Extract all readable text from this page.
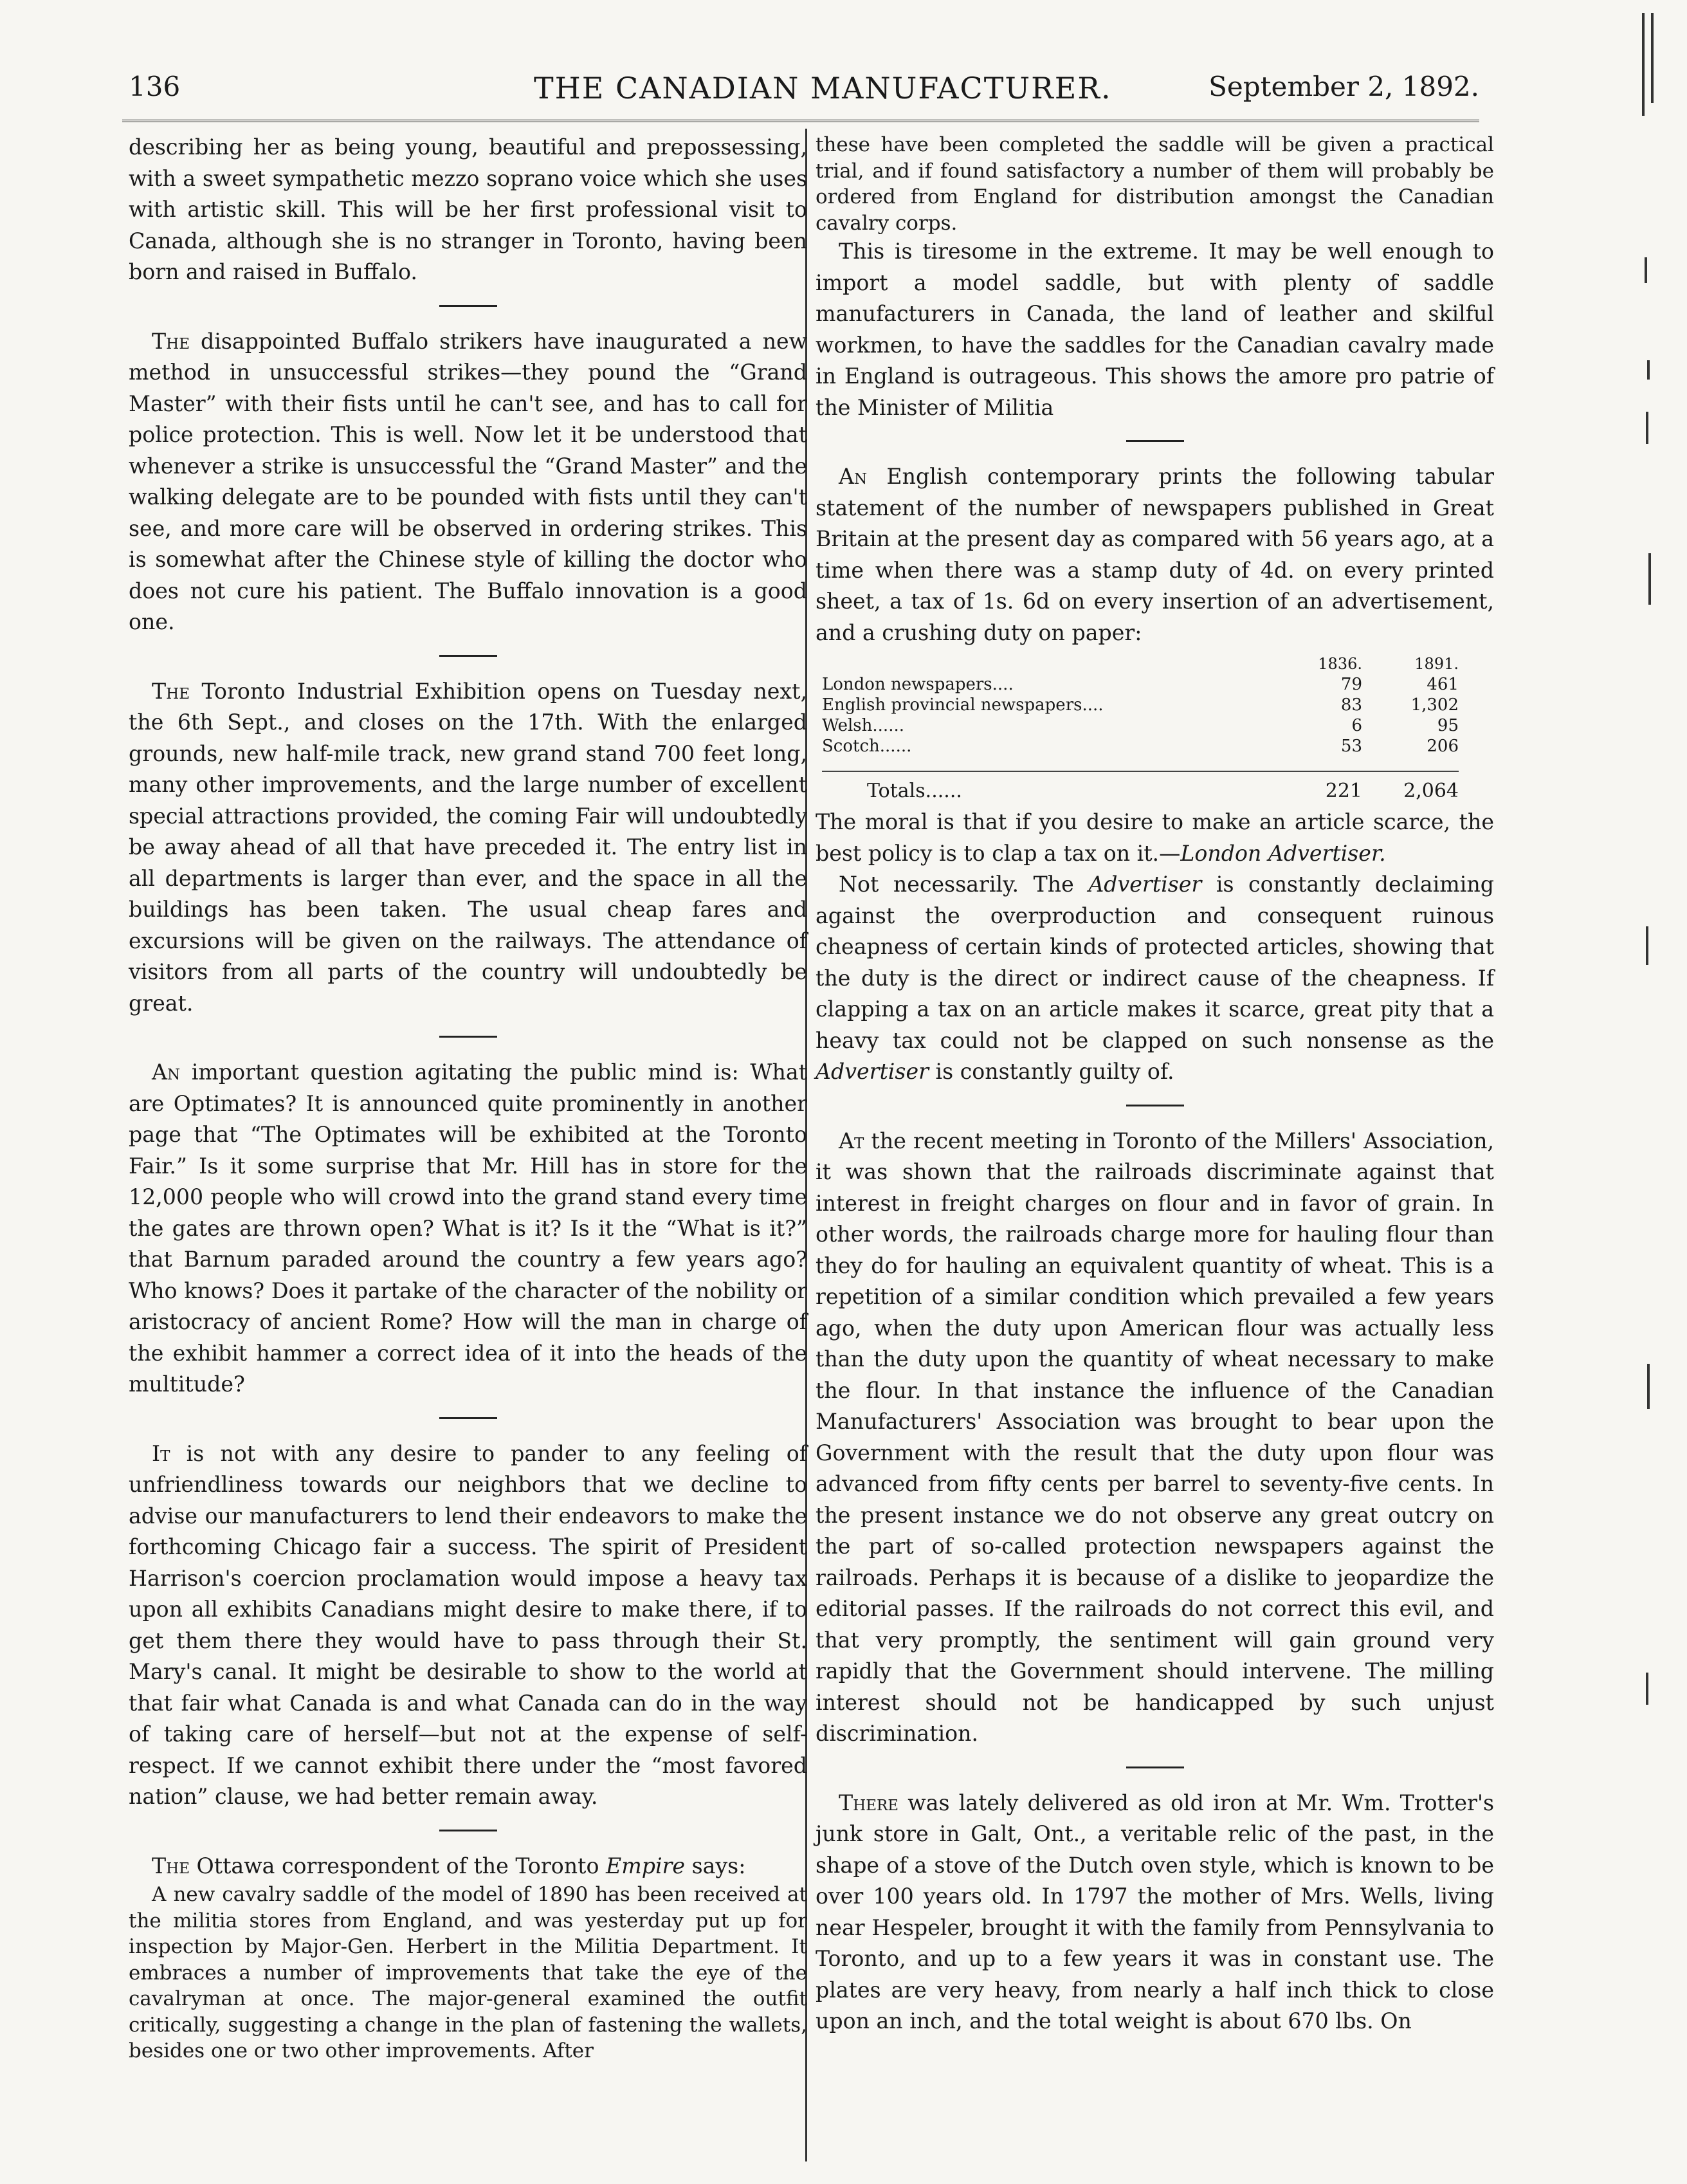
136	THE CANADIAN MANUFACTURER.	September 2, 1892.

describing her as being young, beautiful and prepossessing, with a sweet sympathetic mezzo soprano voice which she uses with artistic skill. This will be her first professional visit to Canada, although she is no stranger in Toronto, having been born and raised in Buffalo.

The disappointed Buffalo strikers have inaugurated a new method in unsuccessful strikes—they pound the “Grand Master” with their fists until he can't see, and has to call for police protection. This is well. Now let it be understood that whenever a strike is unsuccessful the “Grand Master” and the walking delegate are to be pounded with fists until they can't see, and more care will be observed in ordering strikes. This is somewhat after the Chinese style of killing the doctor who does not cure his patient. The Buffalo innovation is a good one.

The Toronto Industrial Exhibition opens on Tuesday next, the 6th Sept., and closes on the 17th. With the enlarged grounds, new half-mile track, new grand stand 700 feet long, many other improvements, and the large number of excellent special attractions provided, the coming Fair will undoubtedly be away ahead of all that have preceded it. The entry list in all departments is larger than ever, and the space in all the buildings has been taken. The usual cheap fares and excursions will be given on the railways. The attendance of visitors from all parts of the country will undoubtedly be great.

An important question agitating the public mind is: What are Optimates? It is announced quite prominently in another page that “The Optimates will be exhibited at the Toronto Fair.” Is it some surprise that Mr. Hill has in store for the 12,000 people who will crowd into the grand stand every time the gates are thrown open? What is it? Is it the “What is it?” that Barnum paraded around the country a few years ago? Who knows? Does it partake of the character of the nobility or aristocracy of ancient Rome? How will the man in charge of the exhibit hammer a correct idea of it into the heads of the multitude?

It is not with any desire to pander to any feeling of unfriendliness towards our neighbors that we decline to advise our manufacturers to lend their endeavors to make the forthcoming Chicago fair a success. The spirit of President Harrison's coercion proclamation would impose a heavy tax upon all exhibits Canadians might desire to make there, if to get them there they would have to pass through their St. Mary's canal. It might be desirable to show to the world at that fair what Canada is and what Canada can do in the way of taking care of herself—but not at the expense of self-respect. If we cannot exhibit there under the “most favored nation” clause, we had better remain away.

The Ottawa correspondent of the Toronto Empire says:

A new cavalry saddle of the model of 1890 has been received at the militia stores from England, and was yesterday put up for inspection by Major-Gen. Herbert in the Militia Department. It embraces a number of improvements that take the eye of the cavalryman at once. The major-general examined the outfit critically, suggesting a change in the plan of fastening the wallets, besides one or two other improvements. After

these have been completed the saddle will be given a practical trial, and if found satisfactory a number of them will probably be ordered from England for distribution amongst the Canadian cavalry corps.

This is tiresome in the extreme. It may be well enough to import a model saddle, but with plenty of saddle manufacturers in Canada, the land of leather and skilful workmen, to have the saddles for the Canadian cavalry made in England is outrageous. This shows the amore pro patrie of the Minister of Militia

An English contemporary prints the following tabular statement of the number of newspapers published in Great Britain at the present day as compared with 56 years ago, at a time when there was a stamp duty of 4d. on every printed sheet, a tax of 1s. 6d on every insertion of an advertisement, and a crushing duty on paper:

1836.	1891.
London newspapers....	79	461
English provincial newspapers....	83	1,302
Welsh......	6	95
Scotch......	53	206
Totals......	221	2,064

The moral is that if you desire to make an article scarce, the best policy is to clap a tax on it.—London Advertiser.

Not necessarily. The Advertiser is constantly declaiming against the overproduction and consequent ruinous cheapness of certain kinds of protected articles, showing that the duty is the direct or indirect cause of the cheapness. If clapping a tax on an article makes it scarce, great pity that a heavy tax could not be clapped on such nonsense as the Advertiser is constantly guilty of.

At the recent meeting in Toronto of the Millers' Association, it was shown that the railroads discriminate against that interest in freight charges on flour and in favor of grain. In other words, the railroads charge more for hauling flour than they do for hauling an equivalent quantity of wheat. This is a repetition of a similar condition which prevailed a few years ago, when the duty upon American flour was actually less than the duty upon the quantity of wheat necessary to make the flour. In that instance the influence of the Canadian Manufacturers' Association was brought to bear upon the Government with the result that the duty upon flour was advanced from fifty cents per barrel to seventy-five cents. In the present instance we do not observe any great outcry on the part of so-called protection newspapers against the railroads. Perhaps it is because of a dislike to jeopardize the editorial passes. If the railroads do not correct this evil, and that very promptly, the sentiment will gain ground very rapidly that the Government should intervene. The milling interest should not be handicapped by such unjust discrimination.

There was lately delivered as old iron at Mr. Wm. Trotter's junk store in Galt, Ont., a veritable relic of the past, in the shape of a stove of the Dutch oven style, which is known to be over 100 years old. In 1797 the mother of Mrs. Wells, living near Hespeler, brought it with the family from Pennsylvania to Toronto, and up to a few years it was in constant use. The plates are very heavy, from nearly a half inch thick to close upon an inch, and the total weight is about 670 lbs. On
